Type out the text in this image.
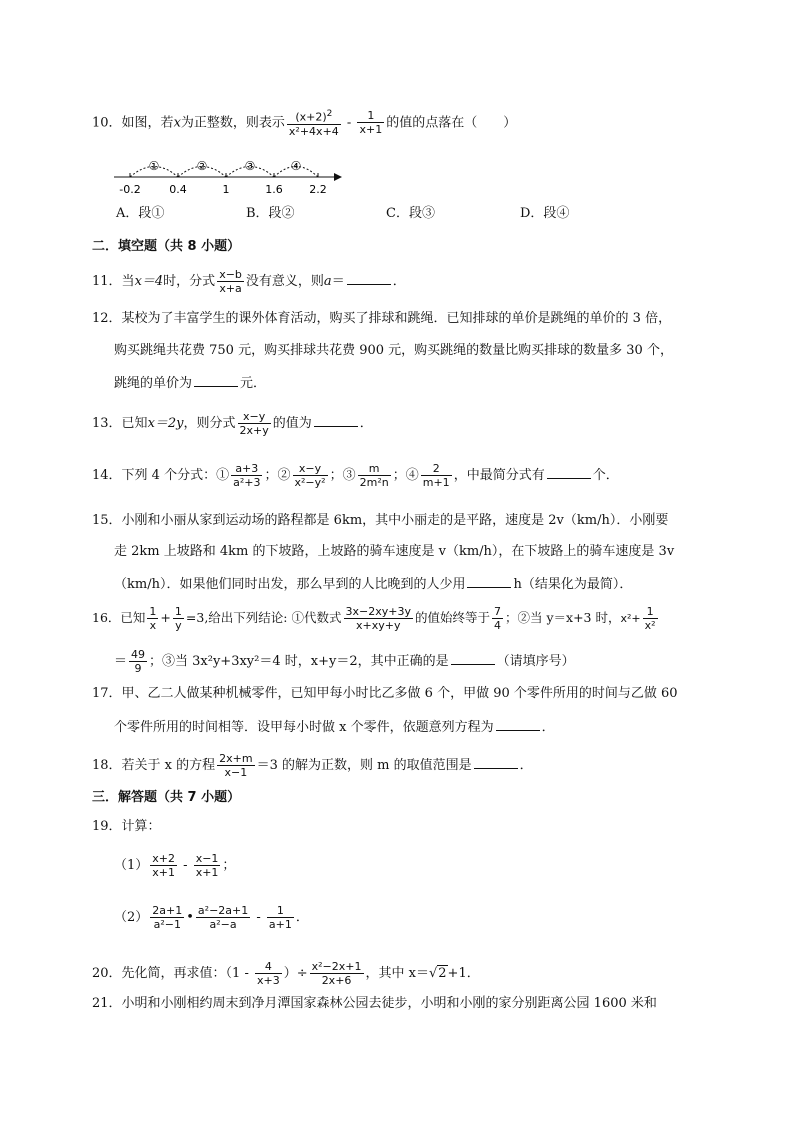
10．如图，若x为正整数，则表示 $\frac{(x+2)^2}{\text{x²+4x+4}} - \frac{1}{x+1}$ 的值的点落在（　　）
-0.2	0.4	1	1.6 2.2
①	②	③	④
A．段①	B．段②	C．段③	D．段④
二．填空题（共 8 小题）
11．当x＝4时，分式 $\frac{x-b}{x+a}$ 没有意义，则a＝	．
12．某校为了丰富学生的课外体育活动，购买了排球和跳绳．已知排球的单价是跳绳的单价的 3 倍，
购买跳绳共花费 750 元，购买排球共花费 900 元，购买跳绳的数量比购买排球的数量多 30 个，
跳绳的单价为	元．
13．已知x＝2y，则分式 $\frac{x-y}{2x+y}$ 的值为	．
14．下列 4 个分式：① $\frac{a+3}{\text{a²+3}}$ ；② $\frac{x-y}{\text{x²−y²}}$ ；③ $\frac{m}{\text{2m²n}}$ ；④ $\frac{2}{m+1}$ ，中最简分式有	个．
15．小刚和小丽从家到运动场的路程都是 6km，其中小丽走的是平路，速度是 2v（km/h）．小刚要
走 2km 上坡路和 4km 的下坡路，上坡路的骑车速度是 v（km/h），在下坡路上的骑车速度是 3v
（km/h）．如果他们同时出发，那么早到的人比晚到的人少用	h（结果化为最简）．
16．已知 $\frac{1}{x} + \frac{1}{y} =3$,给出下列结论: ①代数式 $\frac{3x-2xy+3y}{x+xy+y}$ 的值始终等于 $\frac{7}{4}$ ；②当 y＝x+3 时，$x^2+ \frac{1}{\text{x²}}$
＝ $\frac{49}{9}$ ；③当 3x²y+3xy²＝4 时，x+y＝2，其中正确的是	（请填序号）
17．甲、乙二人做某种机械零件，已知甲每小时比乙多做 6 个，甲做 90 个零件所用的时间与乙做 60
个零件所用的时间相等．设甲每小时做 x 个零件，依题意列方程为	．
18．若关于 x 的方程 $\frac{2x+m}{x-1} =3$ 的解为正数，则 m 的取值范围是	．
三．解答题（共 7 小题）
19．计算：
$(1) \frac{x+2}{x+1} - \frac{x-1}{x+1}$ ；
$(2) \frac{2a+1}{\text{a²−1}}$ • $\frac{\text{a²−2a+1}}{\text{a²−a}} - \frac{1}{a+1}$ ．
20．先化简，再求值：（$1 - \frac{4}{x+3}$ ）÷ $\frac{\text{x²−2x+1}}{2x+6}$ ，其中 x＝√2+1．
21．小明和小刚相约周末到净月潭国家森林公园去徒步，小明和小刚的家分别距离公园 1600 米和
